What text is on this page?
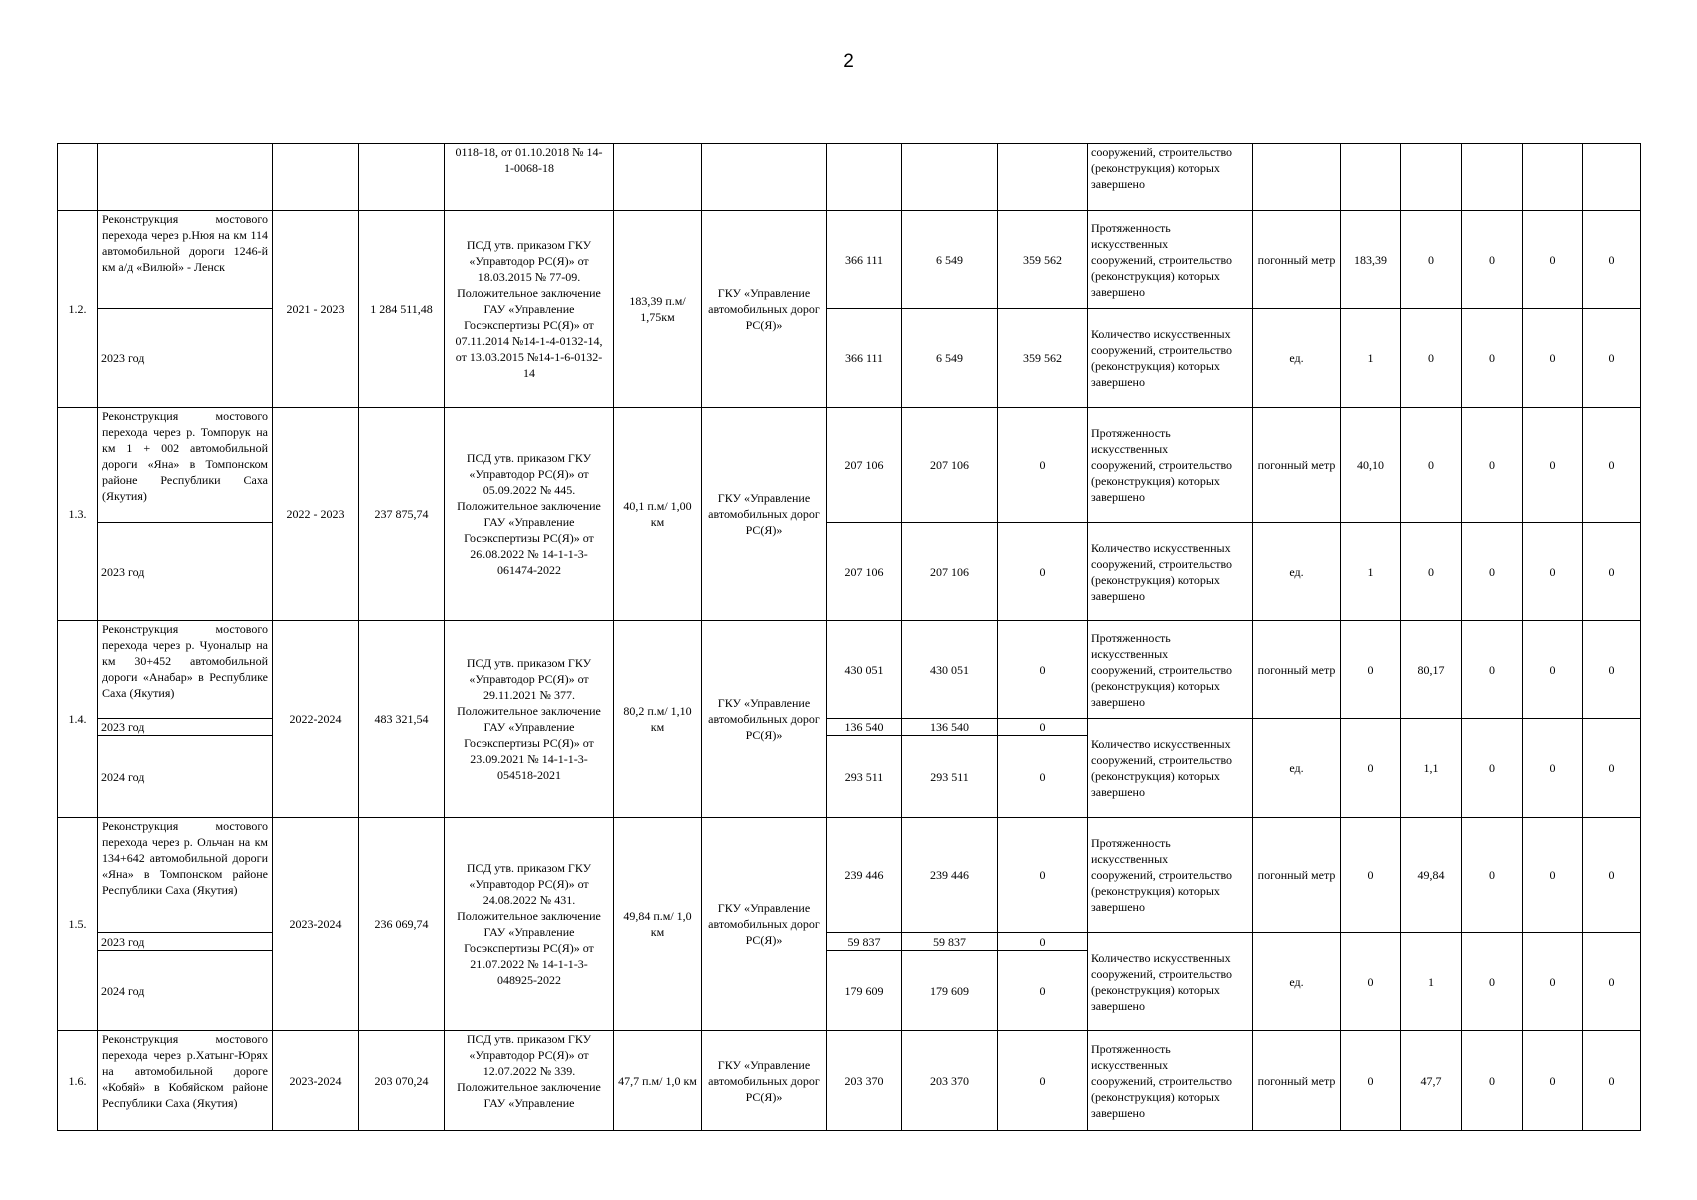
2
				0118-18, от 01.10.2018 № 14-1-0068-18						сооружений, строительство (реконструкция) которых завершено						
1.2.	Реконструкция мостового перехода через р.Нюя на км 114 автомобильной дороги 1246-й км а/д «Вилюй» - Ленск	2021 - 2023	1 284 511,48	ПСД утв. приказом ГКУ «Управтодор РС(Я)» от 18.03.2015 № 77-09. Положительное заключение ГАУ «Управление Госэкспертизы РС(Я)» от 07.11.2014 №14-1-4-0132-14, от 13.03.2015 №14-1-6-0132-14	183,39 п.м/ 1,75км	ГКУ «Управление автомобильных дорог РС(Я)»	366 111	6 549	359 562	Протяженность искусственных сооружений, строительство (реконструкция) которых завершено	погонный метр	183,39	0	0	0	0
	2023 год						366 111	6 549	359 562	Количество искусственных сооружений, строительство (реконструкция) которых завершено	ед.	1	0	0	0	0
1.3.	Реконструкция мостового перехода через р. Томпорук на км 1 + 002 автомобильной дороги «Яна» в Томпонском районе Республики Саха (Якутия)	2022 - 2023	237 875,74	ПСД утв. приказом ГКУ «Управтодор РС(Я)» от 05.09.2022 № 445. Положительное заключение ГАУ «Управление Госэкспертизы РС(Я)» от 26.08.2022 № 14-1-1-3-061474-2022	40,1 п.м/ 1,00 км	ГКУ «Управление автомобильных дорог РС(Я)»	207 106	207 106	0	Протяженность искусственных сооружений, строительство (реконструкция) которых завершено	погонный метр	40,10	0	0	0	0
	2023 год						207 106	207 106	0	Количество искусственных сооружений, строительство (реконструкция) которых завершено	ед.	1	0	0	0	0
1.4.	Реконструкция мостового перехода через р. Чуоналыр на км 30+452 автомобильной дороги «Анабар» в Республике Саха (Якутия)	2022-2024	483 321,54	ПСД утв. приказом ГКУ «Управтодор РС(Я)» от 29.11.2021 № 377. Положительное заключение ГАУ «Управление Госэкспертизы РС(Я)» от 23.09.2021 № 14-1-1-3-054518-2021	80,2 п.м/ 1,10 км	ГКУ «Управление автомобильных дорог РС(Я)»	430 051	430 051	0	Протяженность искусственных сооружений, строительство (реконструкция) которых завершено	погонный метр	0	80,17	0	0	0
	2023 год						136 540	136 540	0	Количество искусственных сооружений, строительство (реконструкция) которых завершено	ед.	0	1,1	0	0	0
	2024 год						293 511	293 511	0							
1.5.	Реконструкция мостового перехода через р. Ольчан на км 134+642 автомобильной дороги «Яна» в Томпонском районе Республики Саха (Якутия)	2023-2024	236 069,74	ПСД утв. приказом ГКУ «Управтодор РС(Я)» от 24.08.2022 № 431. Положительное заключение ГАУ «Управление Госэкспертизы РС(Я)» от 21.07.2022 № 14-1-1-3-048925-2022	49,84 п.м/ 1,0 км	ГКУ «Управление автомобильных дорог РС(Я)»	239 446	239 446	0	Протяженность искусственных сооружений, строительство (реконструкция) которых завершено	погонный метр	0	49,84	0	0	0
	2023 год						59 837	59 837	0	Количество искусственных сооружений, строительство (реконструкция) которых завершено	ед.	0	1	0	0	0
	2024 год						179 609	179 609	0							
1.6.	Реконструкция мостового перехода через р.Хатынг-Юрях на автомобильной дороге «Кобяй» в Кобяйском районе Республики Саха (Якутия)	2023-2024	203 070,24	ПСД утв. приказом ГКУ «Управтодор РС(Я)» от 12.07.2022 № 339. Положительное заключение ГАУ «Управление	47,7 п.м/ 1,0 км	ГКУ «Управление автомобильных дорог РС(Я)»	203 370	203 370	0	Протяженность искусственных сооружений, строительство (реконструкция) которых завершено	погонный метр	0	47,7	0	0	0
